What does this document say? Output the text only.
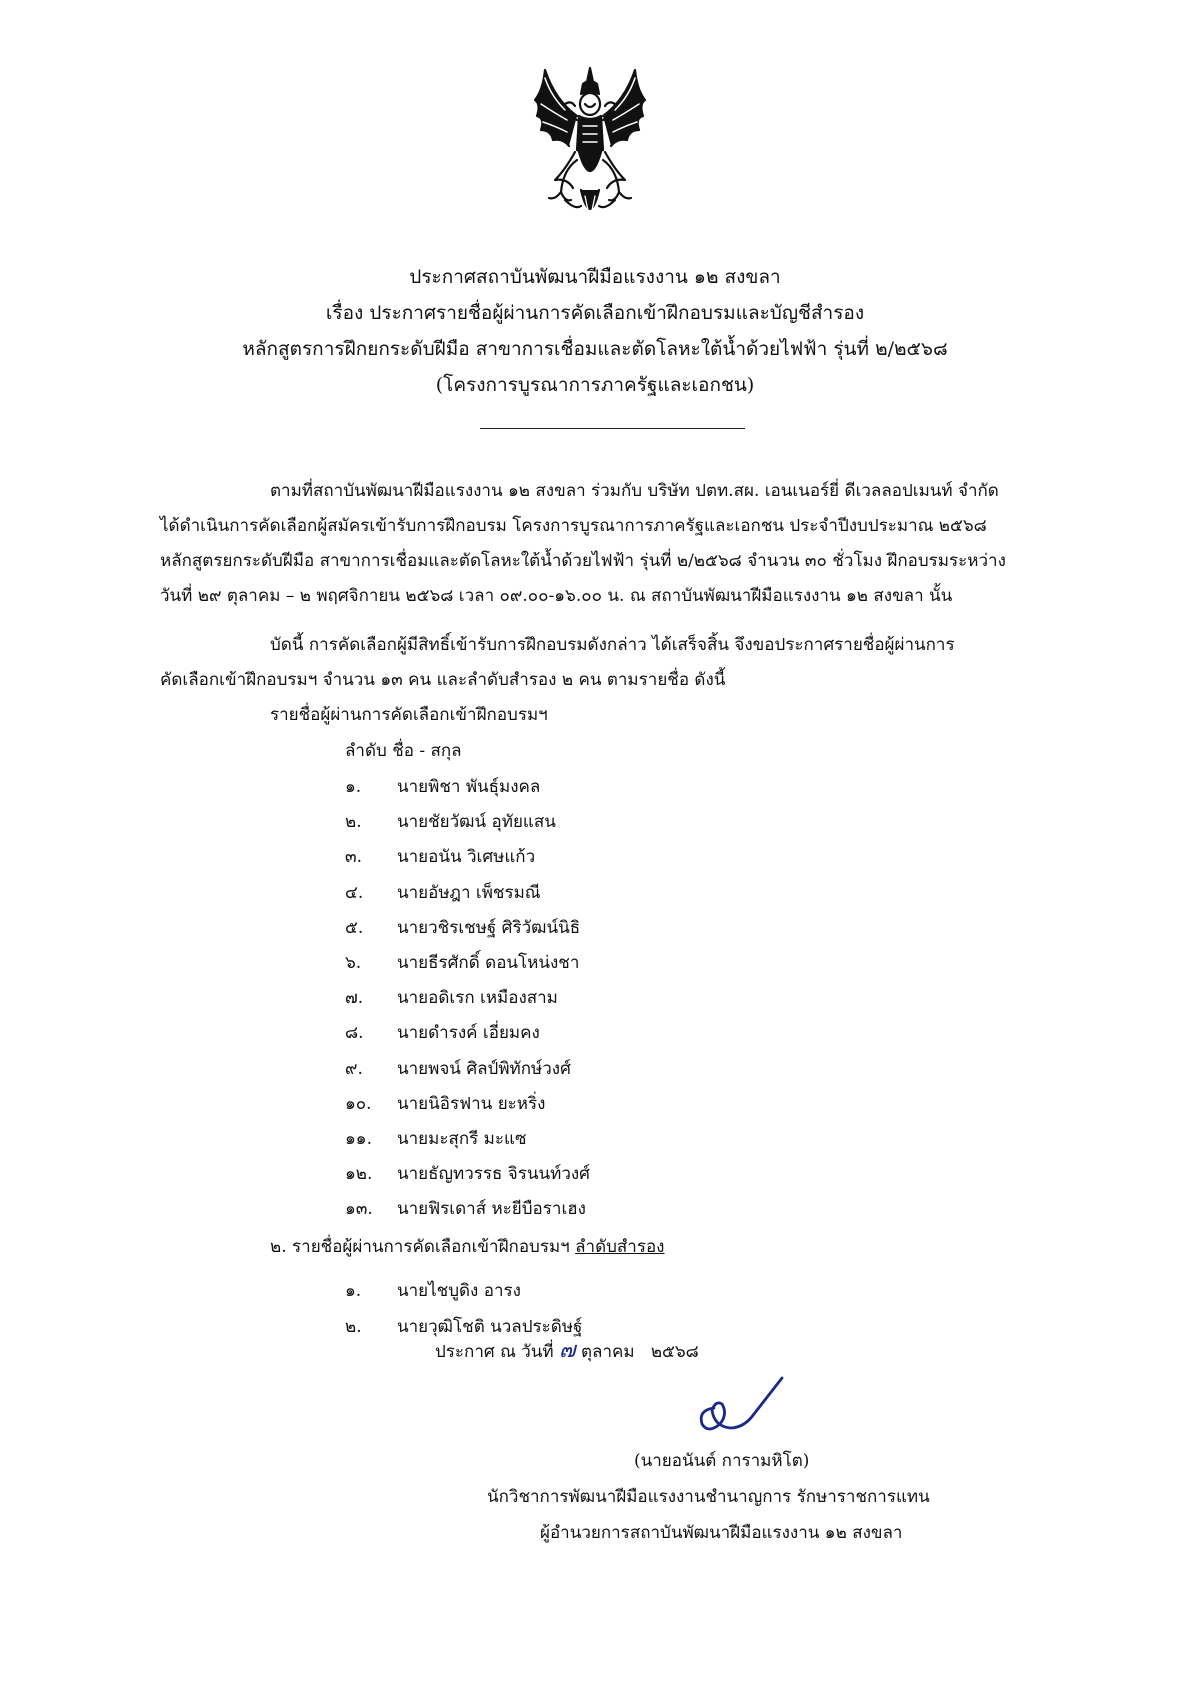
ประกาศสถาบันพัฒนาฝีมือแรงงาน ๑๒ สงขลา
เรื่อง ประกาศรายชื่อผู้ผ่านการคัดเลือกเข้าฝึกอบรมและบัญชีสำรอง
หลักสูตรการฝึกยกระดับฝีมือ สาขาการเชื่อมและตัดโลหะใต้น้ำด้วยไฟฟ้า รุ่นที่ ๒/๒๕๖๘
(โครงการบูรณาการภาครัฐและเอกชน)
ตามที่สถาบันพัฒนาฝีมือแรงงาน ๑๒ สงขลา ร่วมกับ บริษัท ปตท.สผ. เอนเนอร์ยี่ ดีเวลลอปเมนท์ จำกัด
ได้ดำเนินการคัดเลือกผู้สมัครเข้ารับการฝึกอบรม โครงการบูรณาการภาครัฐและเอกชน ประจำปีงบประมาณ ๒๕๖๘
หลักสูตรยกระดับฝีมือ สาขาการเชื่อมและตัดโลหะใต้น้ำด้วยไฟฟ้า รุ่นที่ ๒/๒๕๖๘ จำนวน ๓๐ ชั่วโมง ฝึกอบรมระหว่าง
วันที่ ๒๙ ตุลาคม – ๒ พฤศจิกายน ๒๕๖๘ เวลา ๐๙.๐๐-๑๖.๐๐ น. ณ สถาบันพัฒนาฝีมือแรงงาน ๑๒ สงขลา นั้น
บัดนี้ การคัดเลือกผู้มีสิทธิ์เข้ารับการฝึกอบรมดังกล่าว ได้เสร็จสิ้น จึงขอประกาศรายชื่อผู้ผ่านการ
คัดเลือกเข้าฝึกอบรมฯ จำนวน ๑๓ คน และลำดับสำรอง ๒ คน ตามรายชื่อ ดังนี้
รายชื่อผู้ผ่านการคัดเลือกเข้าฝึกอบรมฯ
ลำดับ ชื่อ - สกุล
๑. นายพิชา พันธุ์มงคล
๒. นายชัยวัฒน์ อุทัยแสน
๓. นายอนัน วิเศษแก้ว
๔. นายอัษฎา เพ็ชรมณี
๕. นายวชิรเชษฐ์ ศิริวัฒน์นิธิ
๖. นายธีรศักดิ์ ดอนโหน่งชา
๗. นายอดิเรก เหมืองสาม
๘. นายดำรงค์ เอี่ยมคง
๙. นายพจน์ ศิลป์พิทักษ์วงศ์
๑๐. นายนิอิรฟาน ยะหริ่ง
๑๑. นายมะสุกรี มะแซ
๑๒. นายธัญทวรรธ จิรนนท์วงศ์
๑๓. นายฟิรเดาส์ หะยีบือราเฮง
๒. รายชื่อผู้ผ่านการคัดเลือกเข้าฝึกอบรมฯ ลำดับสำรอง
๑. นายไชบูดิง อารง
๒. นายวุฒิโชติ นวลประดิษฐ์
ประกาศ ณ วันที่ ๗ ตุลาคม ๒๕๖๘
(นายอนันต์ การามหิโต)
นักวิชาการพัฒนาฝีมือแรงงานชำนาญการ รักษาราชการแทน
ผู้อำนวยการสถาบันพัฒนาฝีมือแรงงาน ๑๒ สงขลา
